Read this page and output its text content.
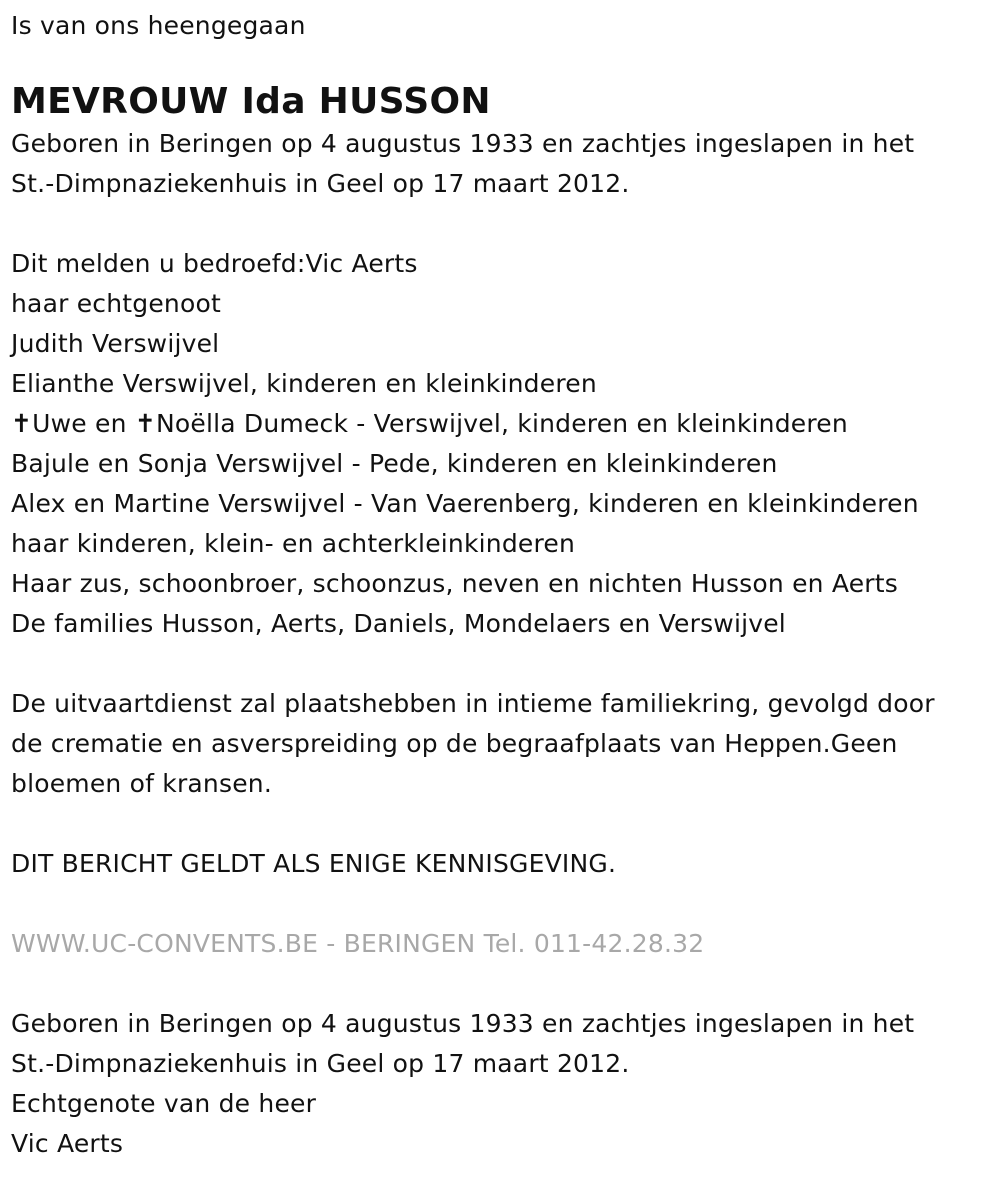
Is van ons heengegaan
MEVROUW Ida HUSSON
Geboren in Beringen op 4 augustus 1933 en zachtjes ingeslapen in het
St.-Dimpnaziekenhuis in Geel op 17 maart 2012.
Dit melden u bedroefd:Vic Aerts
haar echtgenoot
Judith Verswijvel
Elianthe Verswijvel, kinderen en kleinkinderen
✝Uwe en ✝Noëlla Dumeck - Verswijvel, kinderen en kleinkinderen
Bajule en Sonja Verswijvel - Pede, kinderen en kleinkinderen
Alex en Martine Verswijvel - Van Vaerenberg, kinderen en kleinkinderen
haar kinderen, klein- en achterkleinkinderen
Haar zus, schoonbroer, schoonzus, neven en nichten Husson en Aerts
De families Husson, Aerts, Daniels, Mondelaers en Verswijvel
De uitvaartdienst zal plaatshebben in intieme familiekring, gevolgd door
de crematie en asverspreiding op de begraafplaats van Heppen.Geen
bloemen of kransen.
DIT BERICHT GELDT ALS ENIGE KENNISGEVING.
WWW.UC-CONVENTS.BE - BERINGEN Tel. 011-42.28.32
Geboren in Beringen op 4 augustus 1933 en zachtjes ingeslapen in het
St.-Dimpnaziekenhuis in Geel op 17 maart 2012.
Echtgenote van de heer
Vic Aerts
